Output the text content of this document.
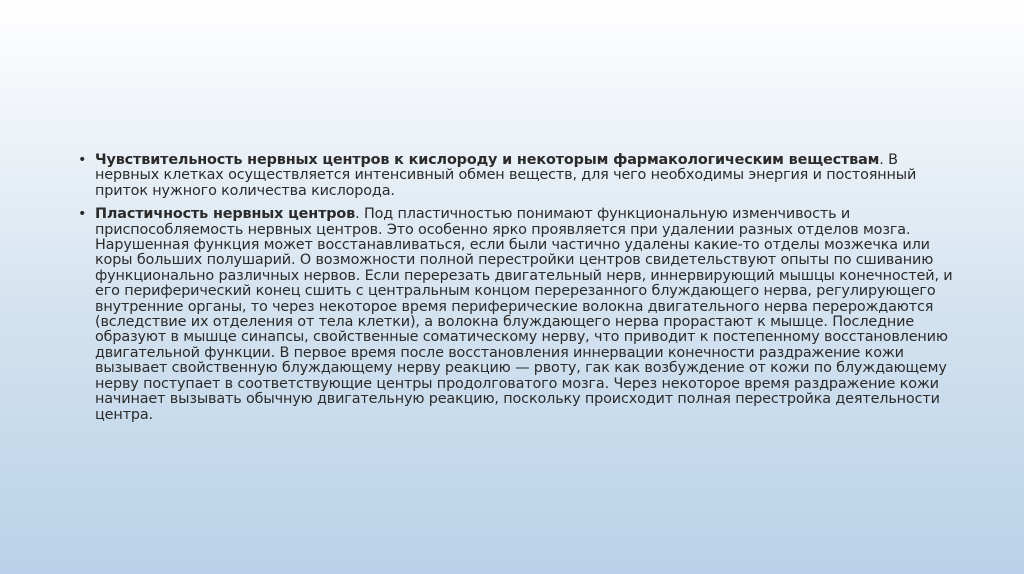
• Чувствительность нервных центров к кислороду и некоторым фармакологическим веществам. В нервных клетках осуществляется интенсивный обмен веществ, для чего необходимы энергия и постоянный приток нужного количества кислорода.
• Пластичность нервных центров. Под пластичностью понимают функциональную изменчивость и приспособляемость нервных центров. Это особенно ярко проявляется при удалении разных отделов мозга. Нарушенная функция может восстанавливаться, если были частично удалены какие-то отделы мозжечка или коры больших полушарий. О возможности полной перестройки центров свидетельствуют опыты по сшиванию функционально различных нервов. Если перерезать двигательный нерв, иннервирующий мышцы конечностей, и его периферический конец сшить с центральным концом перерезанного блуждающего нерва, регулирующего внутренние органы, то через некоторое время периферические волокна двигательного нерва перерождаются (вследствие их отделения от тела клетки), а волокна блуждающего нерва прорастают к мышце. Последние образуют в мышце синапсы, свойственные соматическому нерву, что приводит к постепенному восстановлению двигательной функции. В первое время после восстановления иннервации конечности раздражение кожи вызывает свойственную блуждающему нерву реакцию — рвоту, гак как возбуждение от кожи по блуждающему нерву поступает в соответствующие центры продолговатого мозга. Через некоторое время раздражение кожи начинает вызывать обычную двигательную реакцию, поскольку происходит полная перестройка деятельности центра.
